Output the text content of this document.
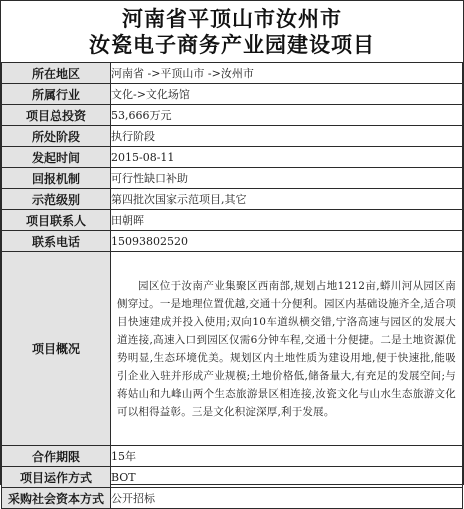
河南省平顶山市汝州市
汝瓷电子商务产业园建设项目
所在地区	河南省 ->平顶山市 ->汝州市
所属行业	文化->文化场馆
项目总投资	53,666万元
所处阶段	执行阶段
发起时间	2015-08-11
回报机制	可行性缺口补助
示范级别	第四批次国家示范项目,其它
项目联系人	田朝晖
联系电话	15093802520
项目概况	园区位于汝南产业集聚区西南部,规划占地1212亩,蟒川河从园区南侧穿过。一是地理位置优越,交通十分便利。园区内基础设施齐全,适合项目快速建成并投入使用;双向10车道纵横交错,宁洛高速与园区的发展大道连接,高速入口到园区仅需6分钟车程,交通十分便捷。二是土地资源优势明显,生态环境优美。规划区内土地性质为建设用地,便于快速批,能吸引企业入驻并形成产业规模;土地价格低,储备量大,有充足的发展空间;与蒋姑山和九峰山两个生态旅游景区相连接,汝瓷文化与山水生态旅游文化可以相得益彰。三是文化积淀深厚,利于发展。

合作期限	15年
项目运作方式	BOT
采购社会资本方式	公开招标
